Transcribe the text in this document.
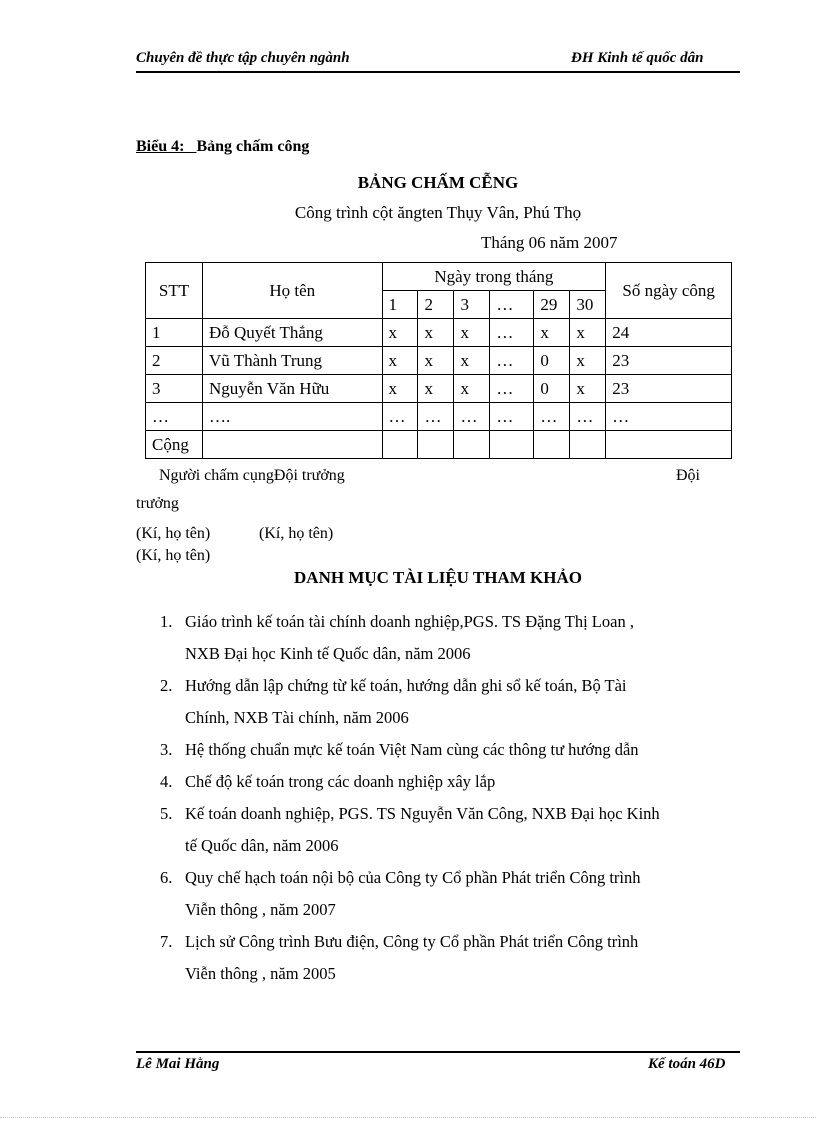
Chuyên đề thực tập chuyên ngành	ĐH Kinh tế quốc dân
Biểu 4: Bảng chấm công
BẢNG CHẤM CỄNG
Công trình cột ăngten Thụy Vân, Phú Thọ
Tháng 06 năm 2007
STT	Họ tên	Ngày trong tháng						Số ngày công
		1	2	3	…	29	30	
1	Đỗ Quyết Thắng	x	x	x	…	x	x	24
2	Vũ Thành Trung	x	x	x	…	0	x	23
3	Nguyễn Văn Hữu	x	x	x	…	0	x	23
…	….	…	…	…	…	…	…	…
Cộng								
Người chấm cụngĐội trưởng	Đội
trưởng
(Kí, họ tên)	(Kí, họ tên)
(Kí, họ tên)
DANH MỤC TÀI LIỆU THAM KHẢO
1. Giáo trình kế toán tài chính doanh nghiệp,PGS. TS Đặng Thị Loan ,
NXB Đại học Kinh tế Quốc dân, năm 2006
2. Hướng dẫn lập chứng từ kế toán, hướng dẫn ghi sổ kế toán, Bộ Tài
Chính, NXB Tài chính, năm 2006
3. Hệ thống chuẩn mực kế toán Việt Nam cùng các thông tư hướng dẫn
4. Chế độ kế toán trong các doanh nghiệp xây lắp
5. Kế toán doanh nghiệp, PGS. TS Nguyễn Văn Công, NXB Đại học Kinh
tế Quốc dân, năm 2006
6. Quy chế hạch toán nội bộ của Công ty Cổ phần Phát triển Công trình
Viễn thông , năm 2007
7. Lịch sử Công trình Bưu điện, Công ty Cổ phần Phát triển Công trình
Viễn thông , năm 2005
Lê Mai Hằng	Kế toán 46D
